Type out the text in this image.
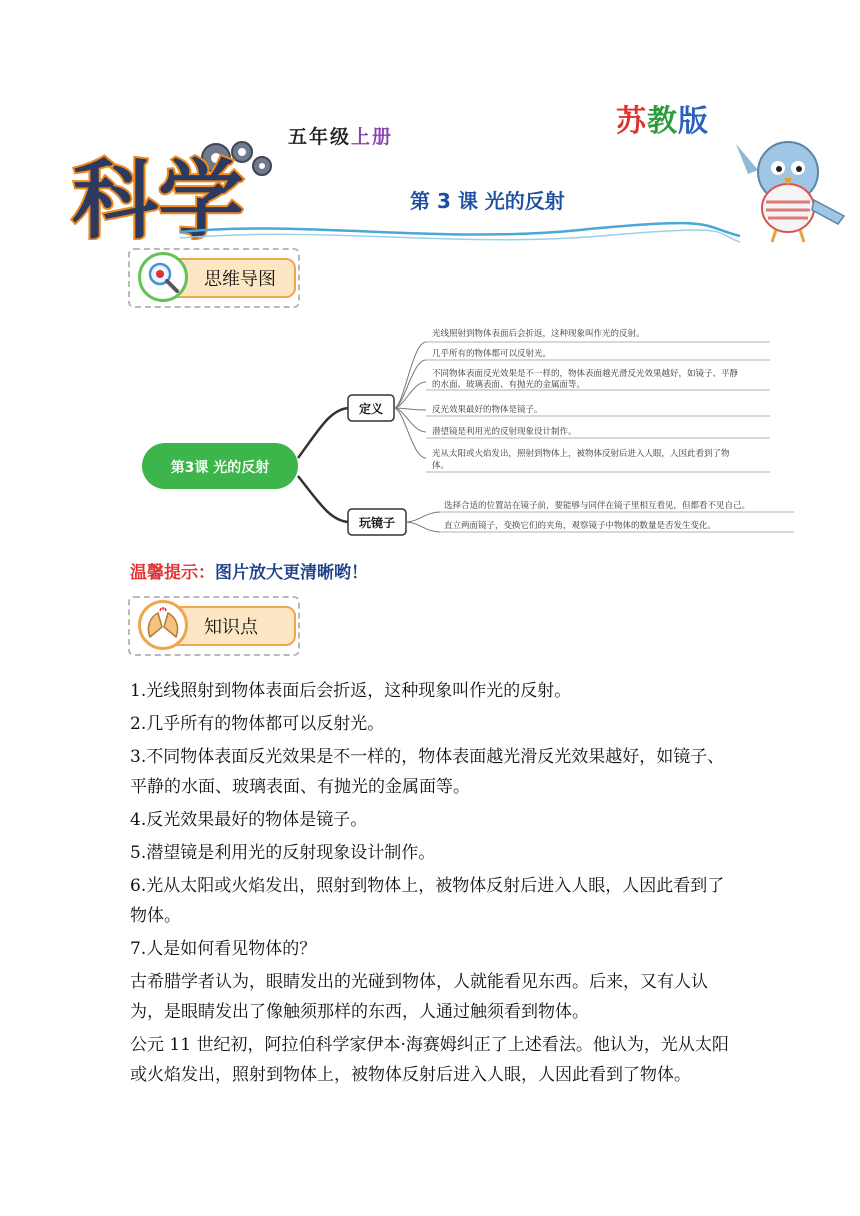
五年级上册	苏教版
科学	第 3 课 光的反射
思维导图
第3课 光的反射
定义
玩镜子
光线照射到物体表面后会折返，这种现象叫作光的反射。
几乎所有的物体都可以反射光。
不同物体表面反光效果是不一样的，物体表面越光滑反光效果越好，如镜子、平静
的水面、玻璃表面、有抛光的金属面等。
反光效果最好的物体是镜子。
潜望镜是利用光的反射现象设计制作。
光从太阳或火焰发出，照射到物体上，被物体反射后进入人眼，人因此看到了物
体。
选择合适的位置站在镜子前，要能够与同伴在镜子里相互看见，但都看不见自己。
直立两面镜子，变换它们的夹角，观察镜子中物体的数量是否发生变化。
温馨提示：图片放大更清晰哟！
知识点

1.光线照射到物体表面后会折返，这种现象叫作光的反射。

2.几乎所有的物体都可以反射光。

3.不同物体表面反光效果是不一样的，物体表面越光滑反光效果越好，如镜子、平静的水面、玻璃表面、有抛光的金属面等。

4.反光效果最好的物体是镜子。

5.潜望镜是利用光的反射现象设计制作。

6.光从太阳或火焰发出，照射到物体上，被物体反射后进入人眼，人因此看到了物体。

7.人是如何看见物体的？

古希腊学者认为，眼睛发出的光碰到物体，人就能看见东西。后来，又有人认为，是眼睛发出了像触须那样的东西，人通过触须看到物体。

公元 11 世纪初，阿拉伯科学家伊本·海赛姆纠正了上述看法。他认为，光从太阳或火焰发出，照射到物体上，被物体反射后进入人眼，人因此看到了物体。
